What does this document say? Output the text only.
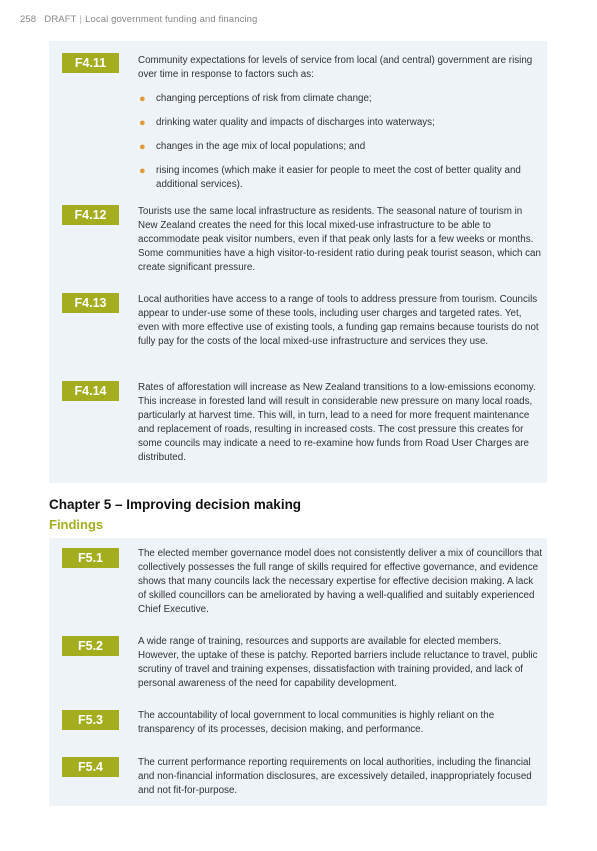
258 DRAFT | Local government funding and financing
F4.11	Community expectations for levels of service from local (and central) government are rising over time in response to factors such as:

● changing perceptions of risk from climate change;
● drinking water quality and impacts of discharges into waterways;
● changes in the age mix of local populations; and
● rising incomes (which make it easier for people to meet the cost of better quality and additional services).
F4.12	Tourists use the same local infrastructure as residents. The seasonal nature of tourism in New Zealand creates the need for this local mixed-use infrastructure to be able to accommodate peak visitor numbers, even if that peak only lasts for a few weeks or months. Some communities have a high visitor-to-resident ratio during peak tourist season, which can create significant pressure.

F4.13	Local authorities have access to a range of tools to address pressure from tourism. Councils appear to under-use some of these tools, including user charges and targeted rates. Yet, even with more effective use of existing tools, a funding gap remains because tourists do not fully pay for the costs of the local mixed-use infrastructure and services they use.

F4.14	Rates of afforestation will increase as New Zealand transitions to a low-emissions economy. This increase in forested land will result in considerable new pressure on many local roads, particularly at harvest time. This will, in turn, lead to a need for more frequent maintenance and replacement of roads, resulting in increased costs. The cost pressure this creates for some councils may indicate a need to re-examine how funds from Road User Charges are distributed.

Chapter 5 – Improving decision making
Findings
F5.1	The elected member governance model does not consistently deliver a mix of councillors that collectively possesses the full range of skills required for effective governance, and evidence shows that many councils lack the necessary expertise for effective decision making. A lack of skilled councillors can be ameliorated by having a well-qualified and suitably experienced Chief Executive.

F5.2	A wide range of training, resources and supports are available for elected members. However, the uptake of these is patchy. Reported barriers include reluctance to travel, public scrutiny of travel and training expenses, dissatisfaction with training provided, and lack of personal awareness of the need for capability development.

F5.3	The accountability of local government to local communities is highly reliant on the transparency of its processes, decision making, and performance.

F5.4	The current performance reporting requirements on local authorities, including the financial and non-financial information disclosures, are excessively detailed, inappropriately focused and not fit-for-purpose.
